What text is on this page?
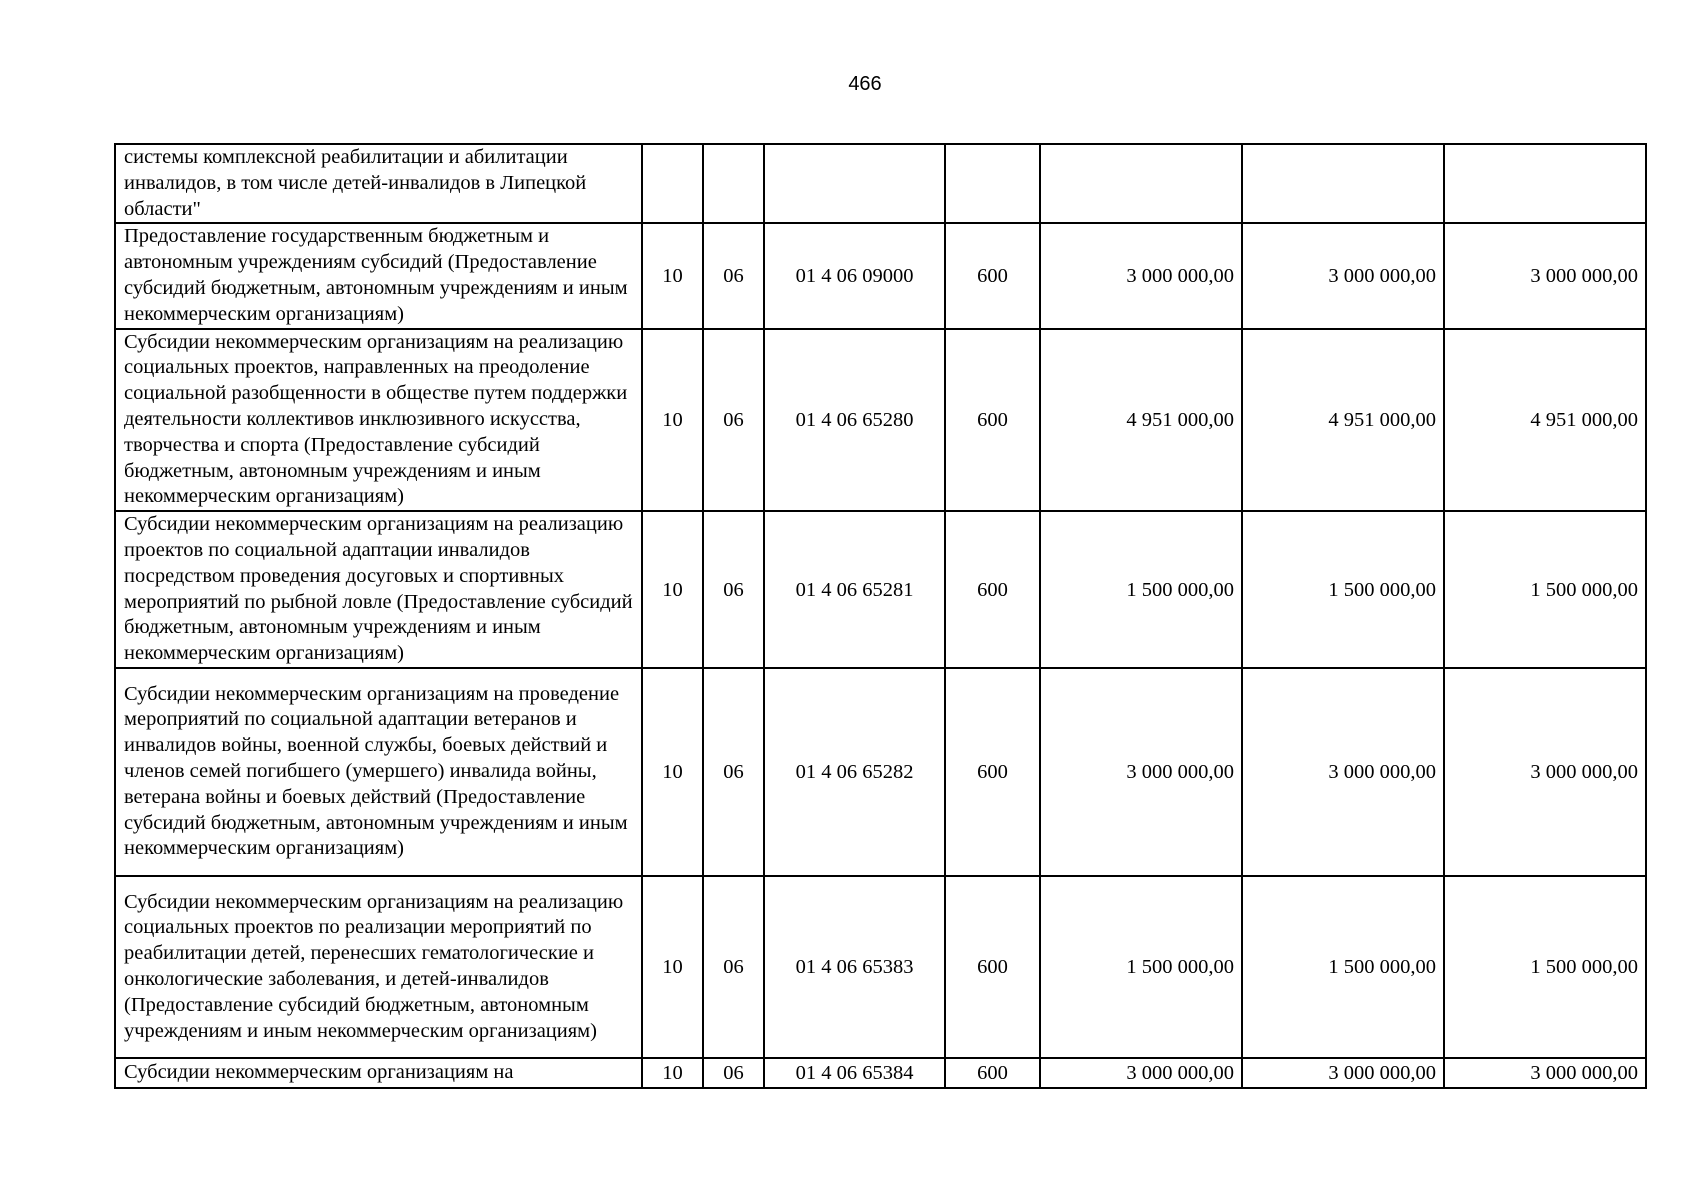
466
системы комплексной реабилитации и абилитации инвалидов, в том числе детей-инвалидов в Липецкой области"							
Предоставление государственным бюджетным и автономным учреждениям субсидий (Предоставление субсидий бюджетным, автономным учреждениям и иным некоммерческим организациям)	10	06	01 4 06 09000	600	3 000 000,00	3 000 000,00	3 000 000,00
Субсидии некоммерческим организациям на реализацию социальных проектов, направленных на преодоление социальной разобщенности в обществе путем поддержки деятельности коллективов инклюзивного искусства, творчества и спорта (Предоставление субсидий бюджетным, автономным учреждениям и иным некоммерческим организациям)	10	06	01 4 06 65280	600	4 951 000,00	4 951 000,00	4 951 000,00
Субсидии некоммерческим организациям на реализацию проектов по социальной адаптации инвалидов посредством проведения досуговых и спортивных мероприятий по рыбной ловле (Предоставление субсидий бюджетным, автономным учреждениям и иным некоммерческим организациям)	10	06	01 4 06 65281	600	1 500 000,00	1 500 000,00	1 500 000,00
Субсидии некоммерческим организациям на проведение мероприятий по социальной адаптации ветеранов и инвалидов войны, военной службы, боевых действий и членов семей погибшего (умершего) инвалида войны, ветерана войны и боевых действий (Предоставление субсидий бюджетным, автономным учреждениям и иным некоммерческим организациям)	10	06	01 4 06 65282	600	3 000 000,00	3 000 000,00	3 000 000,00
Субсидии некоммерческим организациям на реализацию социальных проектов по реализации мероприятий по реабилитации детей, перенесших гематологические и онкологические заболевания, и детей-инвалидов (Предоставление субсидий бюджетным, автономным учреждениям и иным некоммерческим организациям)	10	06	01 4 06 65383	600	1 500 000,00	1 500 000,00	1 500 000,00
Субсидии некоммерческим организациям на	10	06	01 4 06 65384	600	3 000 000,00	3 000 000,00	3 000 000,00
